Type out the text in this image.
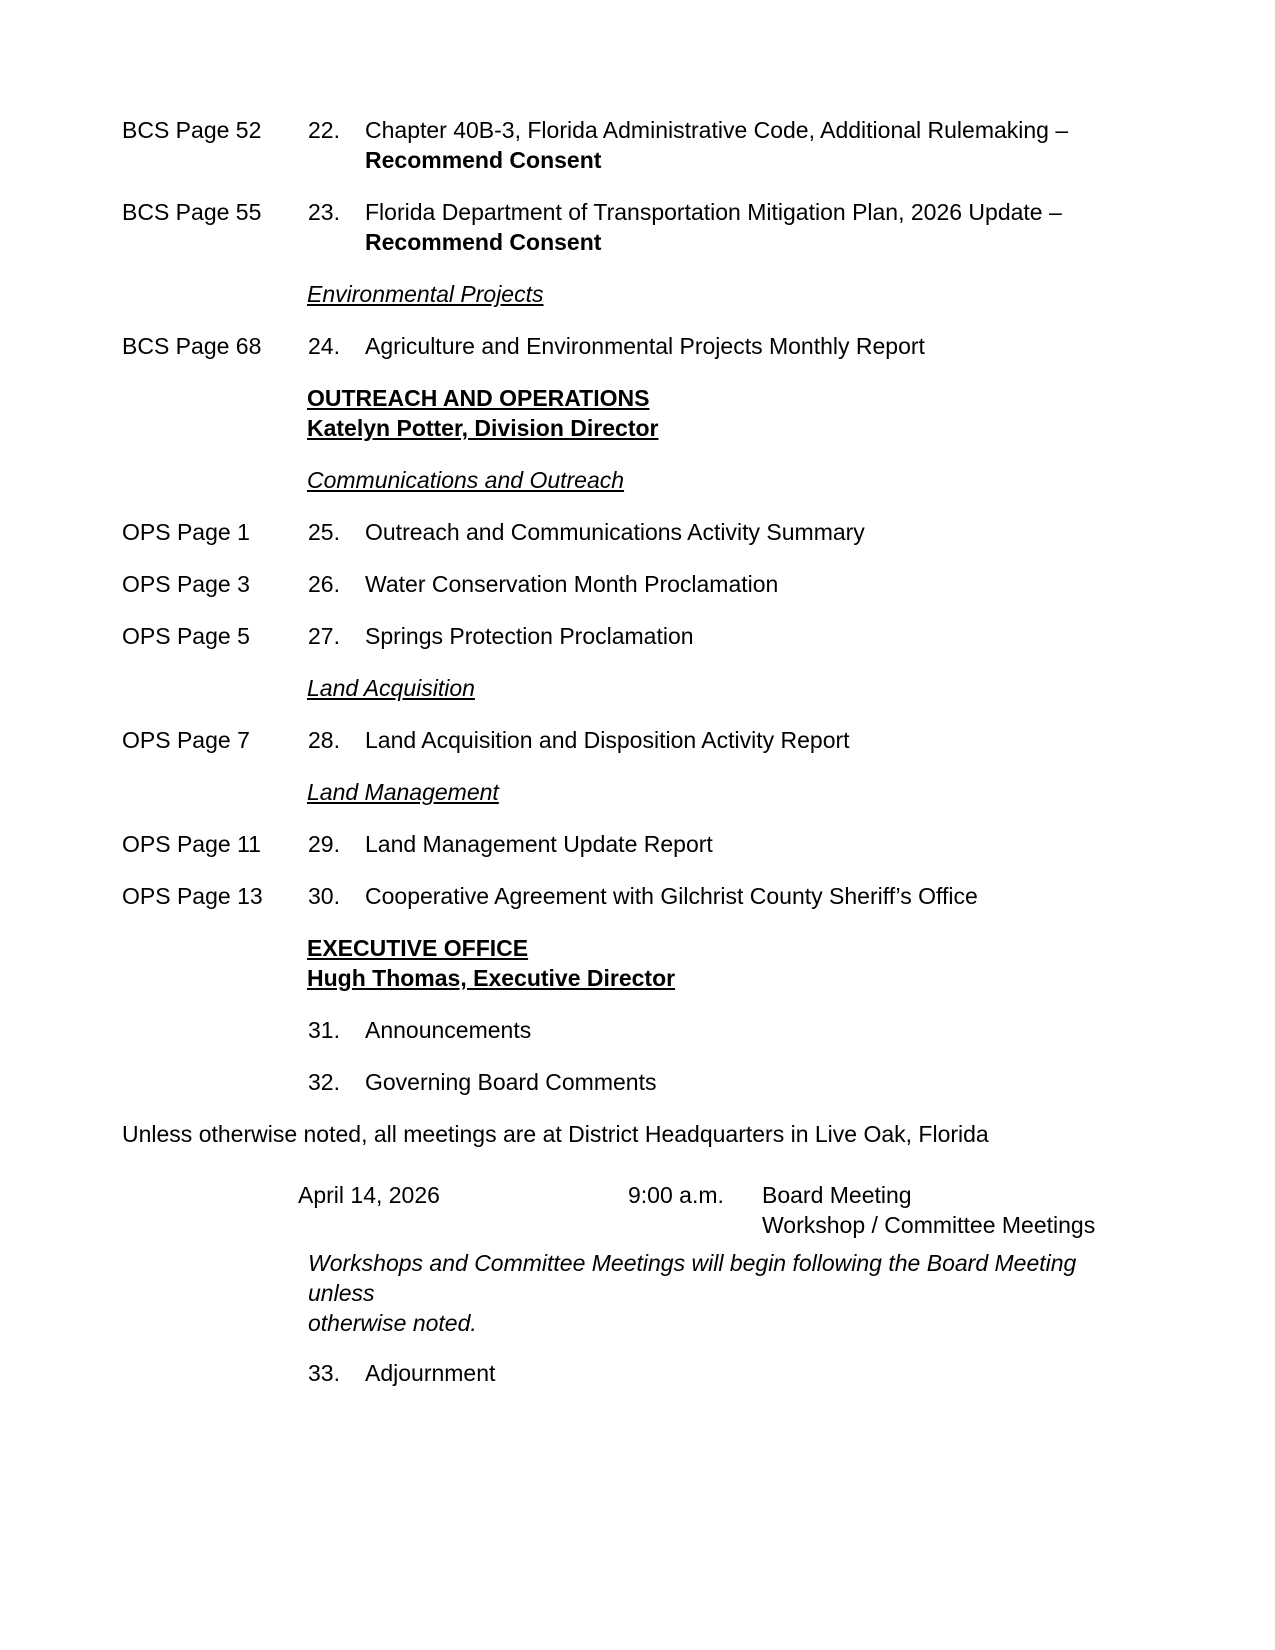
BCS Page 52	22.	Chapter 40B-3, Florida Administrative Code, Additional Rulemaking –
Recommend Consent
BCS Page 55	23.	Florida Department of Transportation Mitigation Plan, 2026 Update –
Recommend Consent
Environmental Projects
BCS Page 68	24.	Agriculture and Environmental Projects Monthly Report
OUTREACH AND OPERATIONS
Katelyn Potter, Division Director
Communications and Outreach
OPS Page 1	25.	Outreach and Communications Activity Summary
OPS Page 3	26.	Water Conservation Month Proclamation
OPS Page 5	27.	Springs Protection Proclamation
Land Acquisition
OPS Page 7	28.	Land Acquisition and Disposition Activity Report
Land Management
OPS Page 11	29.	Land Management Update Report
OPS Page 13	30.	Cooperative Agreement with Gilchrist County Sheriff’s Office
EXECUTIVE OFFICE
Hugh Thomas, Executive Director
31.	Announcements
32.	Governing Board Comments
Unless otherwise noted, all meetings are at District Headquarters in Live Oak, Florida
April 14, 2026	9:00 a.m.	Board Meeting
Workshop / Committee Meetings
Workshops and Committee Meetings will begin following the Board Meeting unless
otherwise noted.
33.	Adjournment
